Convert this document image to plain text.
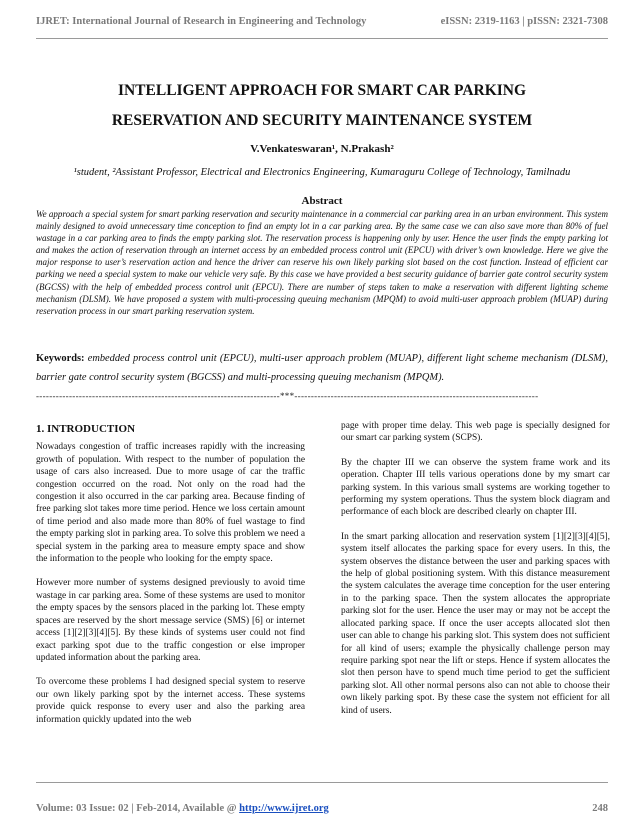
IJRET: International Journal of Research in Engineering and Technology	eISSN: 2319-1163 | pISSN: 2321-7308
INTELLIGENT APPROACH FOR SMART CAR PARKING
RESERVATION AND SECURITY MAINTENANCE SYSTEM
V.Venkateswaran¹, N.Prakash²
¹student, ²Assistant Professor, Electrical and Electronics Engineering, Kumaraguru College of Technology, Tamilnadu
Abstract
We approach a special system for smart parking reservation and security maintenance in a commercial car parking area in an urban environment. This system mainly designed to avoid unnecessary time conception to find an empty lot in a car parking area. By the same case we can also save more than 80% of fuel wastage in a car parking area to finds the empty parking slot. The reservation process is happening only by user. Hence the user finds the empty parking lot and makes the action of reservation through an internet access by an embedded process control unit (EPCU) with driver’s own knowledge. Here we give the major response to user’s reservation action and hence the driver can reserve his own likely parking slot based on the cost function. Instead of efficient car parking we need a special system to make our vehicle very safe. By this case we have provided a best security guidance of barrier gate control security system (BGCSS) with the help of embedded process control unit (EPCU). There are number of steps taken to make a reservation with different lighting scheme mechanism (DLSM). We have proposed a system with multi-processing queuing mechanism (MPQM) to avoid multi-user approach problem (MUAP) during reservation process in our smart parking reservation system.
Keywords: embedded process control unit (EPCU), multi-user approach problem (MUAP), different light scheme mechanism (DLSM), barrier gate control security system (BGCSS) and multi-processing queuing mechanism (MPQM).
--------------------------------------------------------------------------***--------------------------------------------------------------------------
1. INTRODUCTION

Nowadays congestion of traffic increases rapidly with the increasing growth of population. With respect to the number of population the usage of cars also increased. Due to more usage of car the traffic congestion occurred on the road. Not only on the road had the congestion it also occurred in the car parking area. Because finding of free parking slot takes more time period. Hence we loss certain amount of time period and also made more than 80% of fuel wastage to find the empty parking slot in parking area. To solve this problem we need a special system in the parking area to measure empty space and show the information to the people who looking for the empty space.

However more number of systems designed previously to avoid time wastage in car parking area. Some of these systems are used to monitor the empty spaces by the sensors placed in the parking lot. These empty spaces are reserved by the short message service (SMS) [6] or internet access [1][2][3][4][5]. By these kinds of systems user could not find exact parking spot due to the traffic congestion or else improper updated information about the parking area.

To overcome these problems I had designed special system to reserve our own likely parking spot by the internet access. These systems provide quick response to every user and also the parking area information quickly updated into the web

page with proper time delay. This web page is specially designed for our smart car parking system (SCPS).

By the chapter III we can observe the system frame work and its operation. Chapter III tells various operations done by my smart car parking system. In this various small systems are working together to performing my system operations. Thus the system block diagram and performance of each block are described clearly on chapter III.

In the smart parking allocation and reservation system [1][2][3][4][5], system itself allocates the parking space for every users. In this, the system observes the distance between the user and parking spaces with the help of global positioning system. With this distance measurement the system calculates the average time conception for the user entering in to the parking space. Then the system allocates the appropriate parking slot for the user. Hence the user may or may not be accept the allocated parking space. If once the user accepts allocated slot then user can able to change his parking slot. This system does not sufficient for all kind of users; example the physically challenge person may require parking spot near the lift or steps. Hence if system allocates the slot then person have to spend much time period to get the sufficient parking slot. All other normal persons also can not able to choose their own likely parking spot. By these case the system not efficient for all kind of users.

Volume: 03 Issue: 02 | Feb-2014, Available @ http://www.ijret.org	248
